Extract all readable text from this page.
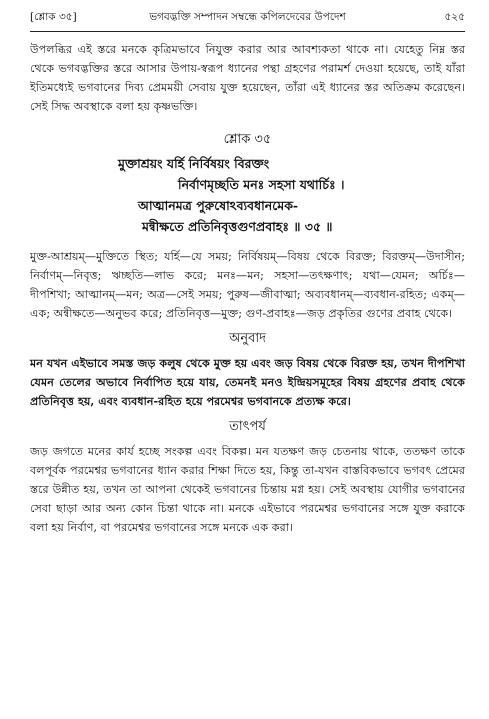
[শ্লোক ৩৫]	ভগবদ্ভক্তি সম্পাদন সম্বন্ধে কপিলদেবের উপদেশ	৫২৫

উপলব্ধির এই স্তরে মনকে কৃত্রিমভাবে নিযুক্ত করার আর আবশ্যকতা থাকে না। যেহেতু নিম্ন স্তর থেকে ভগবদ্ভক্তির স্তরে আসার উপায়-স্বরূপ ধ্যানের পন্থা গ্রহণের পরামর্শ দেওয়া হয়েছে, তাই যাঁরা ইতিমধ্যেই ভগবানের দিব্য প্রেমময়ী সেবায় যুক্ত হয়েছেন, তাঁরা এই ধ্যানের স্তর অতিক্রম করেছেন। সেই সিদ্ধ অবস্থাকে বলা হয় কৃষ্ণভক্তি।

শ্লোক ৩৫
মুক্তাশ্রয়ং যর্হি নির্বিষয়ং বিরক্তং
নির্বাণমৃচ্ছতি মনঃ সহসা যথার্চিঃ ।
আত্মানমত্র পুরুষোঽব্যবধানমেক-
মন্বীক্ষতে প্রতিনিবৃত্তগুণপ্রবাহঃ ॥ ৩৫ ॥

মুক্ত-আশ্রয়ম্—মুক্তিতে স্থিত; যর্হি—যে সময়; নির্বিষয়ম্—বিষয় থেকে বিরক্ত; বিরক্তম্—উদাসীন; নির্বাণম্—নিবৃত্ত; ঋচ্ছতি—লাভ করে; মনঃ—মন; সহসা—তৎক্ষণাৎ; যথা—যেমন; অর্চিঃ—দীপশিখা; আত্মানম্—মন; অত্র—সেই সময়; পুরুষ—জীবাত্মা; অব্যবধানম্—ব্যবধান-রহিত; একম্—এক; অন্বীক্ষতে—অনুভব করে; প্রতিনিবৃত্ত—মুক্ত; গুণ-প্রবাহঃ—জড় প্রকৃতির গুণের প্রবাহ থেকে।

অনুবাদ

মন যখন এইভাবে সমস্ত জড় কলুষ থেকে মুক্ত হয় এবং জড় বিষয় থেকে বিরক্ত হয়, তখন দীপশিখা যেমন তেলের অভাবে নির্বাপিত হয়ে যায়, তেমনই মনও ইন্দ্রিয়সমূহের বিষয় গ্রহণের প্রবাহ থেকে প্রতিনিবৃত্ত হয়, এবং ব্যবধান-রহিত হয়ে পরমেশ্বর ভগবানকে প্রত্যক্ষ করে।

তাৎপর্য

জড় জগতে মনের কার্য হচ্ছে সংকল্প এবং বিকল্প। মন যতক্ষণ জড় চেতনায় থাকে, ততক্ষণ তাকে বলপূর্বক পরমেশ্বর ভগবানের ধ্যান করার শিক্ষা দিতে হয়, কিন্তু তা-যখন বাস্তবিকভাবে ভগবৎ প্রেমের স্তরে উন্নীত হয়, তখন তা আপনা থেকেই ভগবানের চিন্তায় মগ্ন হয়। সেই অবস্থায় যোগীর ভগবানের সেবা ছাড়া আর অন্য কোন চিন্তা থাকে না। মনকে এইভাবে পরমেশ্বর ভগবানের সঙ্গে যুক্ত করাকে বলা হয় নির্বাণ, বা পরমেশ্বর ভগবানের সঙ্গে মনকে এক করা।
